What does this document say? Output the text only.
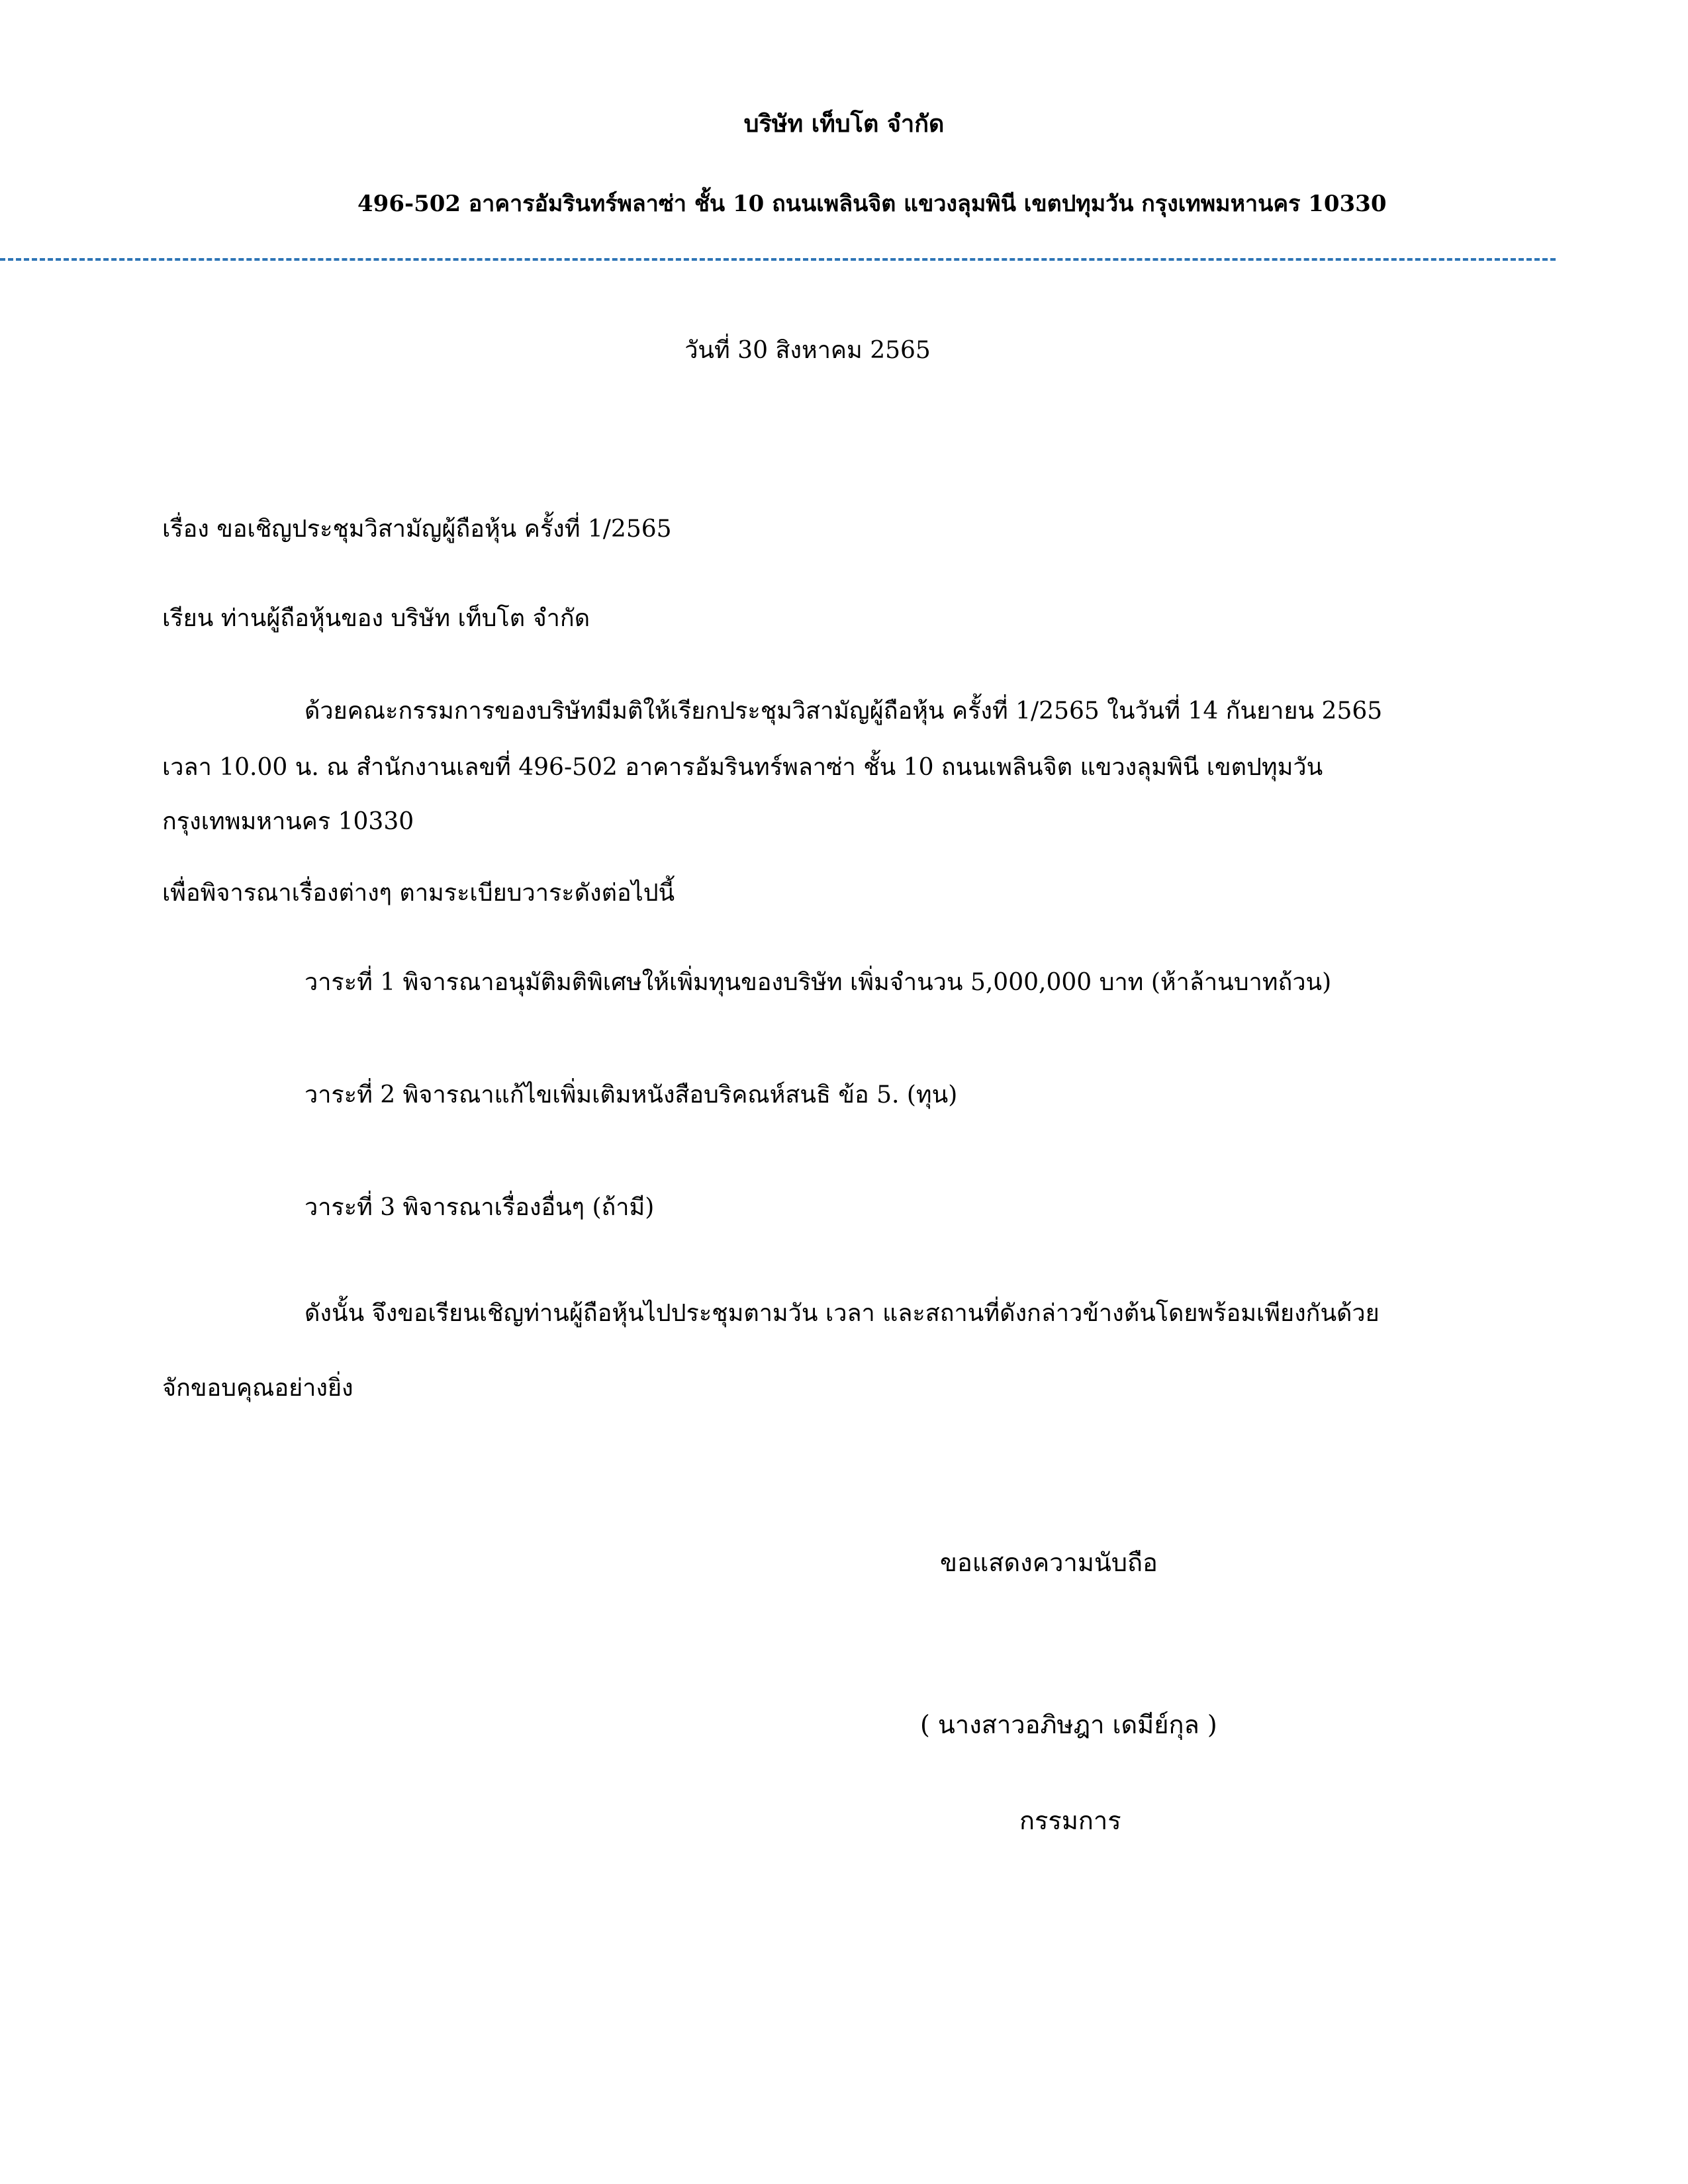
บริษัท เท็บโต จำกัด
496-502 อาคารอัมรินทร์พลาซ่า ชั้น 10 ถนนเพลินจิต แขวงลุมพินี เขตปทุมวัน กรุงเทพมหานคร 10330
วันที่ 30 สิงหาคม 2565
เรื่อง ขอเชิญประชุมวิสามัญผู้ถือหุ้น ครั้งที่ 1/2565
เรียน ท่านผู้ถือหุ้นของ บริษัท เท็บโต จำกัด
ด้วยคณะกรรมการของบริษัทมีมติให้เรียกประชุมวิสามัญผู้ถือหุ้น ครั้งที่ 1/2565 ในวันที่ 14 กันยายน 2565
เวลา 10.00 น. ณ สำนักงานเลขที่ 496-502 อาคารอัมรินทร์พลาซ่า ชั้น 10 ถนนเพลินจิต แขวงลุมพินี เขตปทุมวัน
กรุงเทพมหานคร 10330
เพื่อพิจารณาเรื่องต่างๆ ตามระเบียบวาระดังต่อไปนี้
วาระที่ 1 พิจารณาอนุมัติมติพิเศษให้เพิ่มทุนของบริษัท เพิ่มจำนวน 5,000,000 บาท (ห้าล้านบาทถ้วน)
วาระที่ 2 พิจารณาแก้ไขเพิ่มเติมหนังสือบริคณห์สนธิ ข้อ 5. (ทุน)
วาระที่ 3 พิจารณาเรื่องอื่นๆ (ถ้ามี)
ดังนั้น จึงขอเรียนเชิญท่านผู้ถือหุ้นไปประชุมตามวัน เวลา และสถานที่ดังกล่าวข้างต้นโดยพร้อมเพียงกันด้วย
จักขอบคุณอย่างยิ่ง
ขอแสดงความนับถือ
( นางสาวอภิษฎา เดมีย์กุล )
กรรมการ
